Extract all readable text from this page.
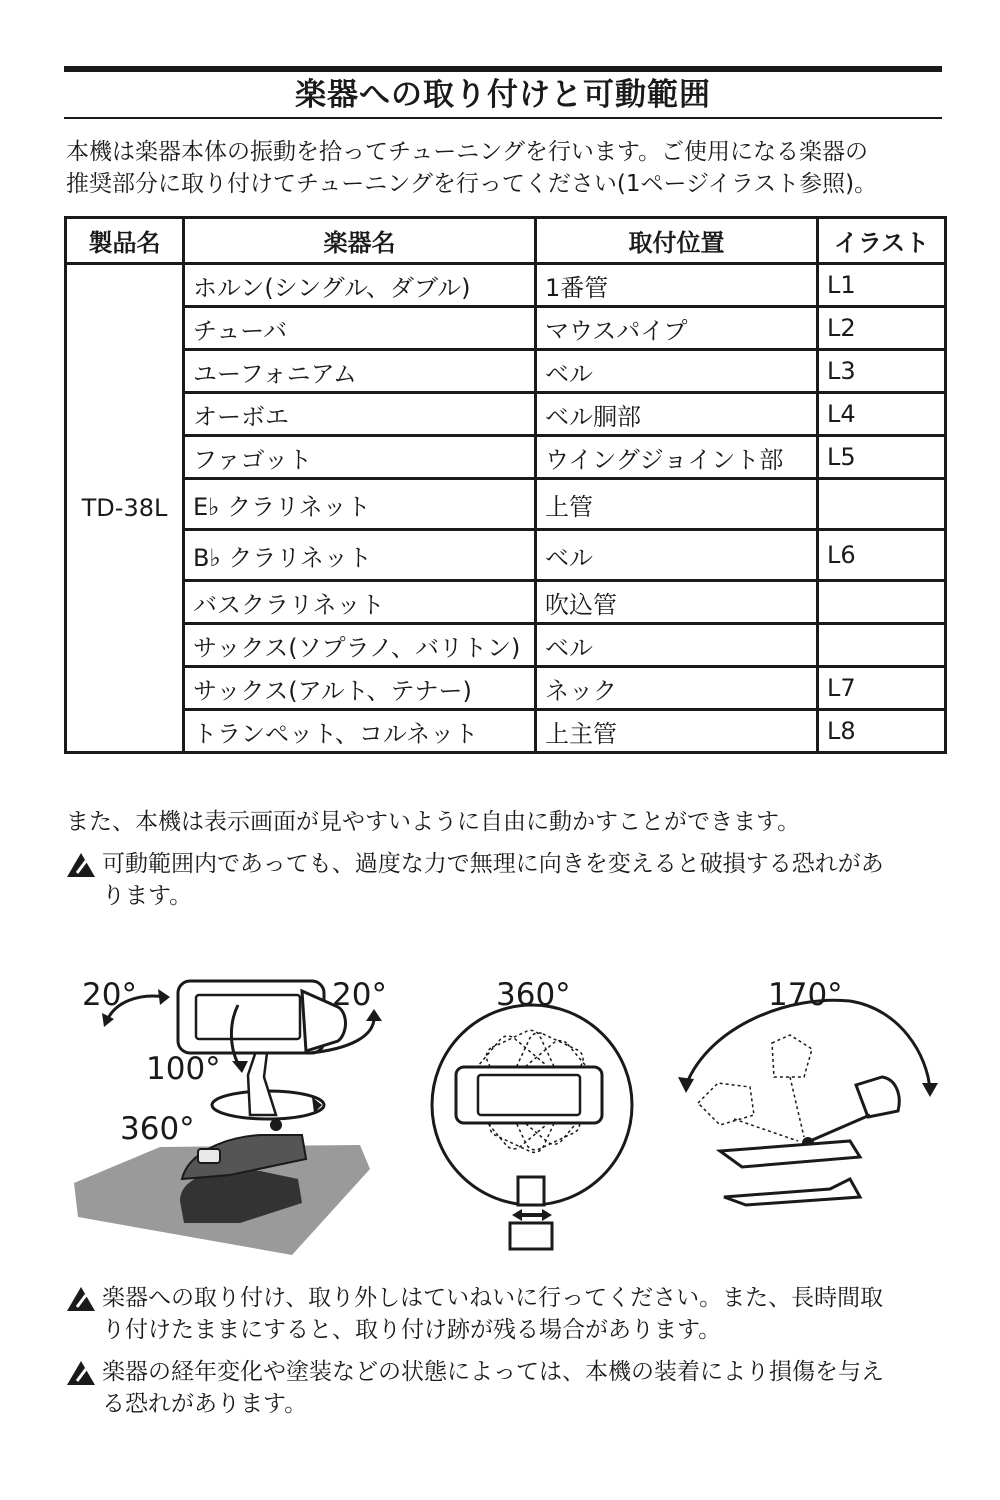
楽器への取り付けと可動範囲
本機は楽器本体の振動を拾ってチューニングを行います。ご使用になる楽器の
推奨部分に取り付けてチューニングを行ってください(1ページイラスト参照)。
製品名	楽器名	取付位置	イラスト
TD-38L	ホルン(シングル、ダブル)	1番管	L1
	チューバ	マウスパイプ	L2
	ユーフォニアム	ベル	L3
	オーボエ	ベル胴部	L4
	ファゴット	ウイングジョイント部	L5
	E♭ クラリネット	上管	
	B♭ クラリネット	ベル	L6
	バスクラリネット	吹込管	
	サックス(ソプラノ、バリトン)	ベル	
	サックス(アルト、テナー)	ネック	L7
	トランペット、コルネット	上主管	L8
また、本機は表示画面が見やすいように自由に動かすことができます。
可動範囲内であっても、過度な力で無理に向きを変えると破損する恐れがあ
ります。
20°	20°
100°
360°
360°	170°
楽器への取り付け、取り外しはていねいに行ってください。また、長時間取
り付けたままにすると、取り付け跡が残る場合があります。
楽器の経年変化や塗装などの状態によっては、本機の装着により損傷を与え
る恐れがあります。
